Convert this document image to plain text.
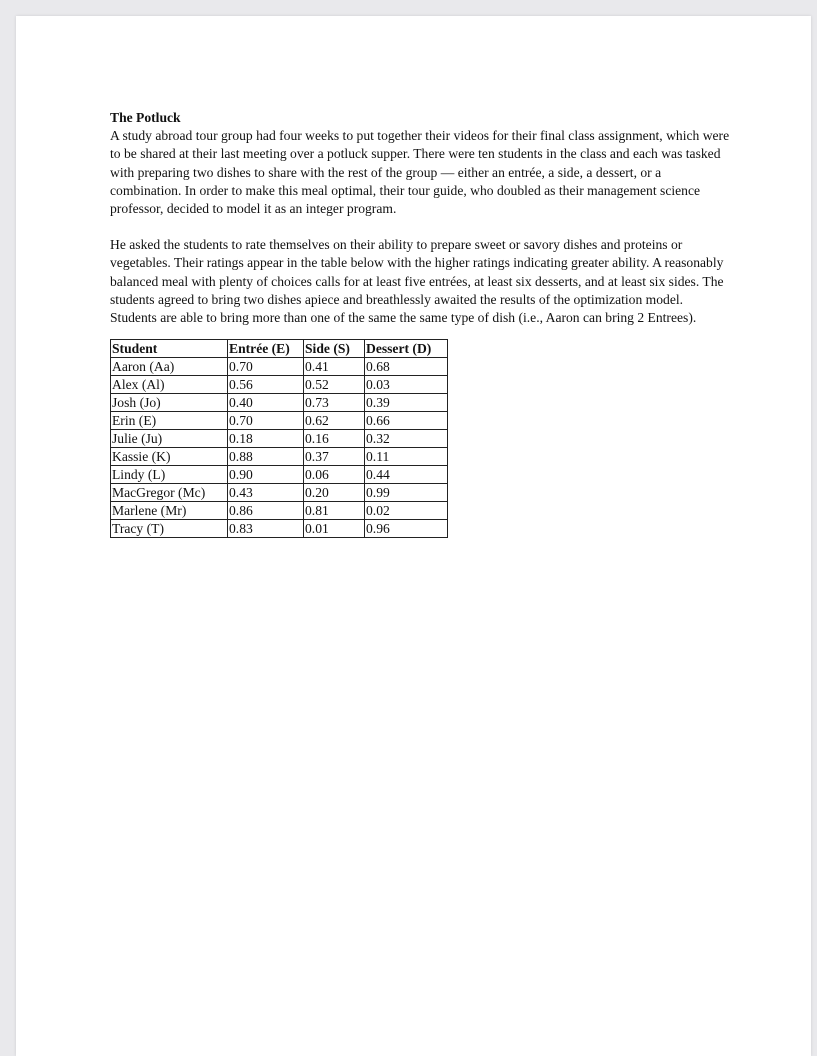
The Potluck

A study abroad tour group had four weeks to put together their videos for their final class assignment, which were to be shared at their last meeting over a potluck supper. There were ten students in the class and each was tasked with preparing two dishes to share with the rest of the group — either an entrée, a side, a dessert, or a combination. In order to make this meal optimal, their tour guide, who doubled as their management science professor, decided to model it as an integer program.

He asked the students to rate themselves on their ability to prepare sweet or savory dishes and proteins or vegetables. Their ratings appear in the table below with the higher ratings indicating greater ability. A reasonably balanced meal with plenty of choices calls for at least five entrées, at least six desserts, and at least six sides. The students agreed to bring two dishes apiece and breathlessly awaited the results of the optimization model. Students are able to bring more than one of the same the same type of dish (i.e., Aaron can bring 2 Entrees).

Student	Entrée (E)	Side (S)	Dessert (D)
Aaron (Aa)	0.70	0.41	0.68
Alex (Al)	0.56	0.52	0.03
Josh (Jo)	0.40	0.73	0.39
Erin (E)	0.70	0.62	0.66
Julie (Ju)	0.18	0.16	0.32
Kassie (K)	0.88	0.37	0.11
Lindy (L)	0.90	0.06	0.44
MacGregor (Mc)	0.43	0.20	0.99
Marlene (Mr)	0.86	0.81	0.02
Tracy (T)	0.83	0.01	0.96
